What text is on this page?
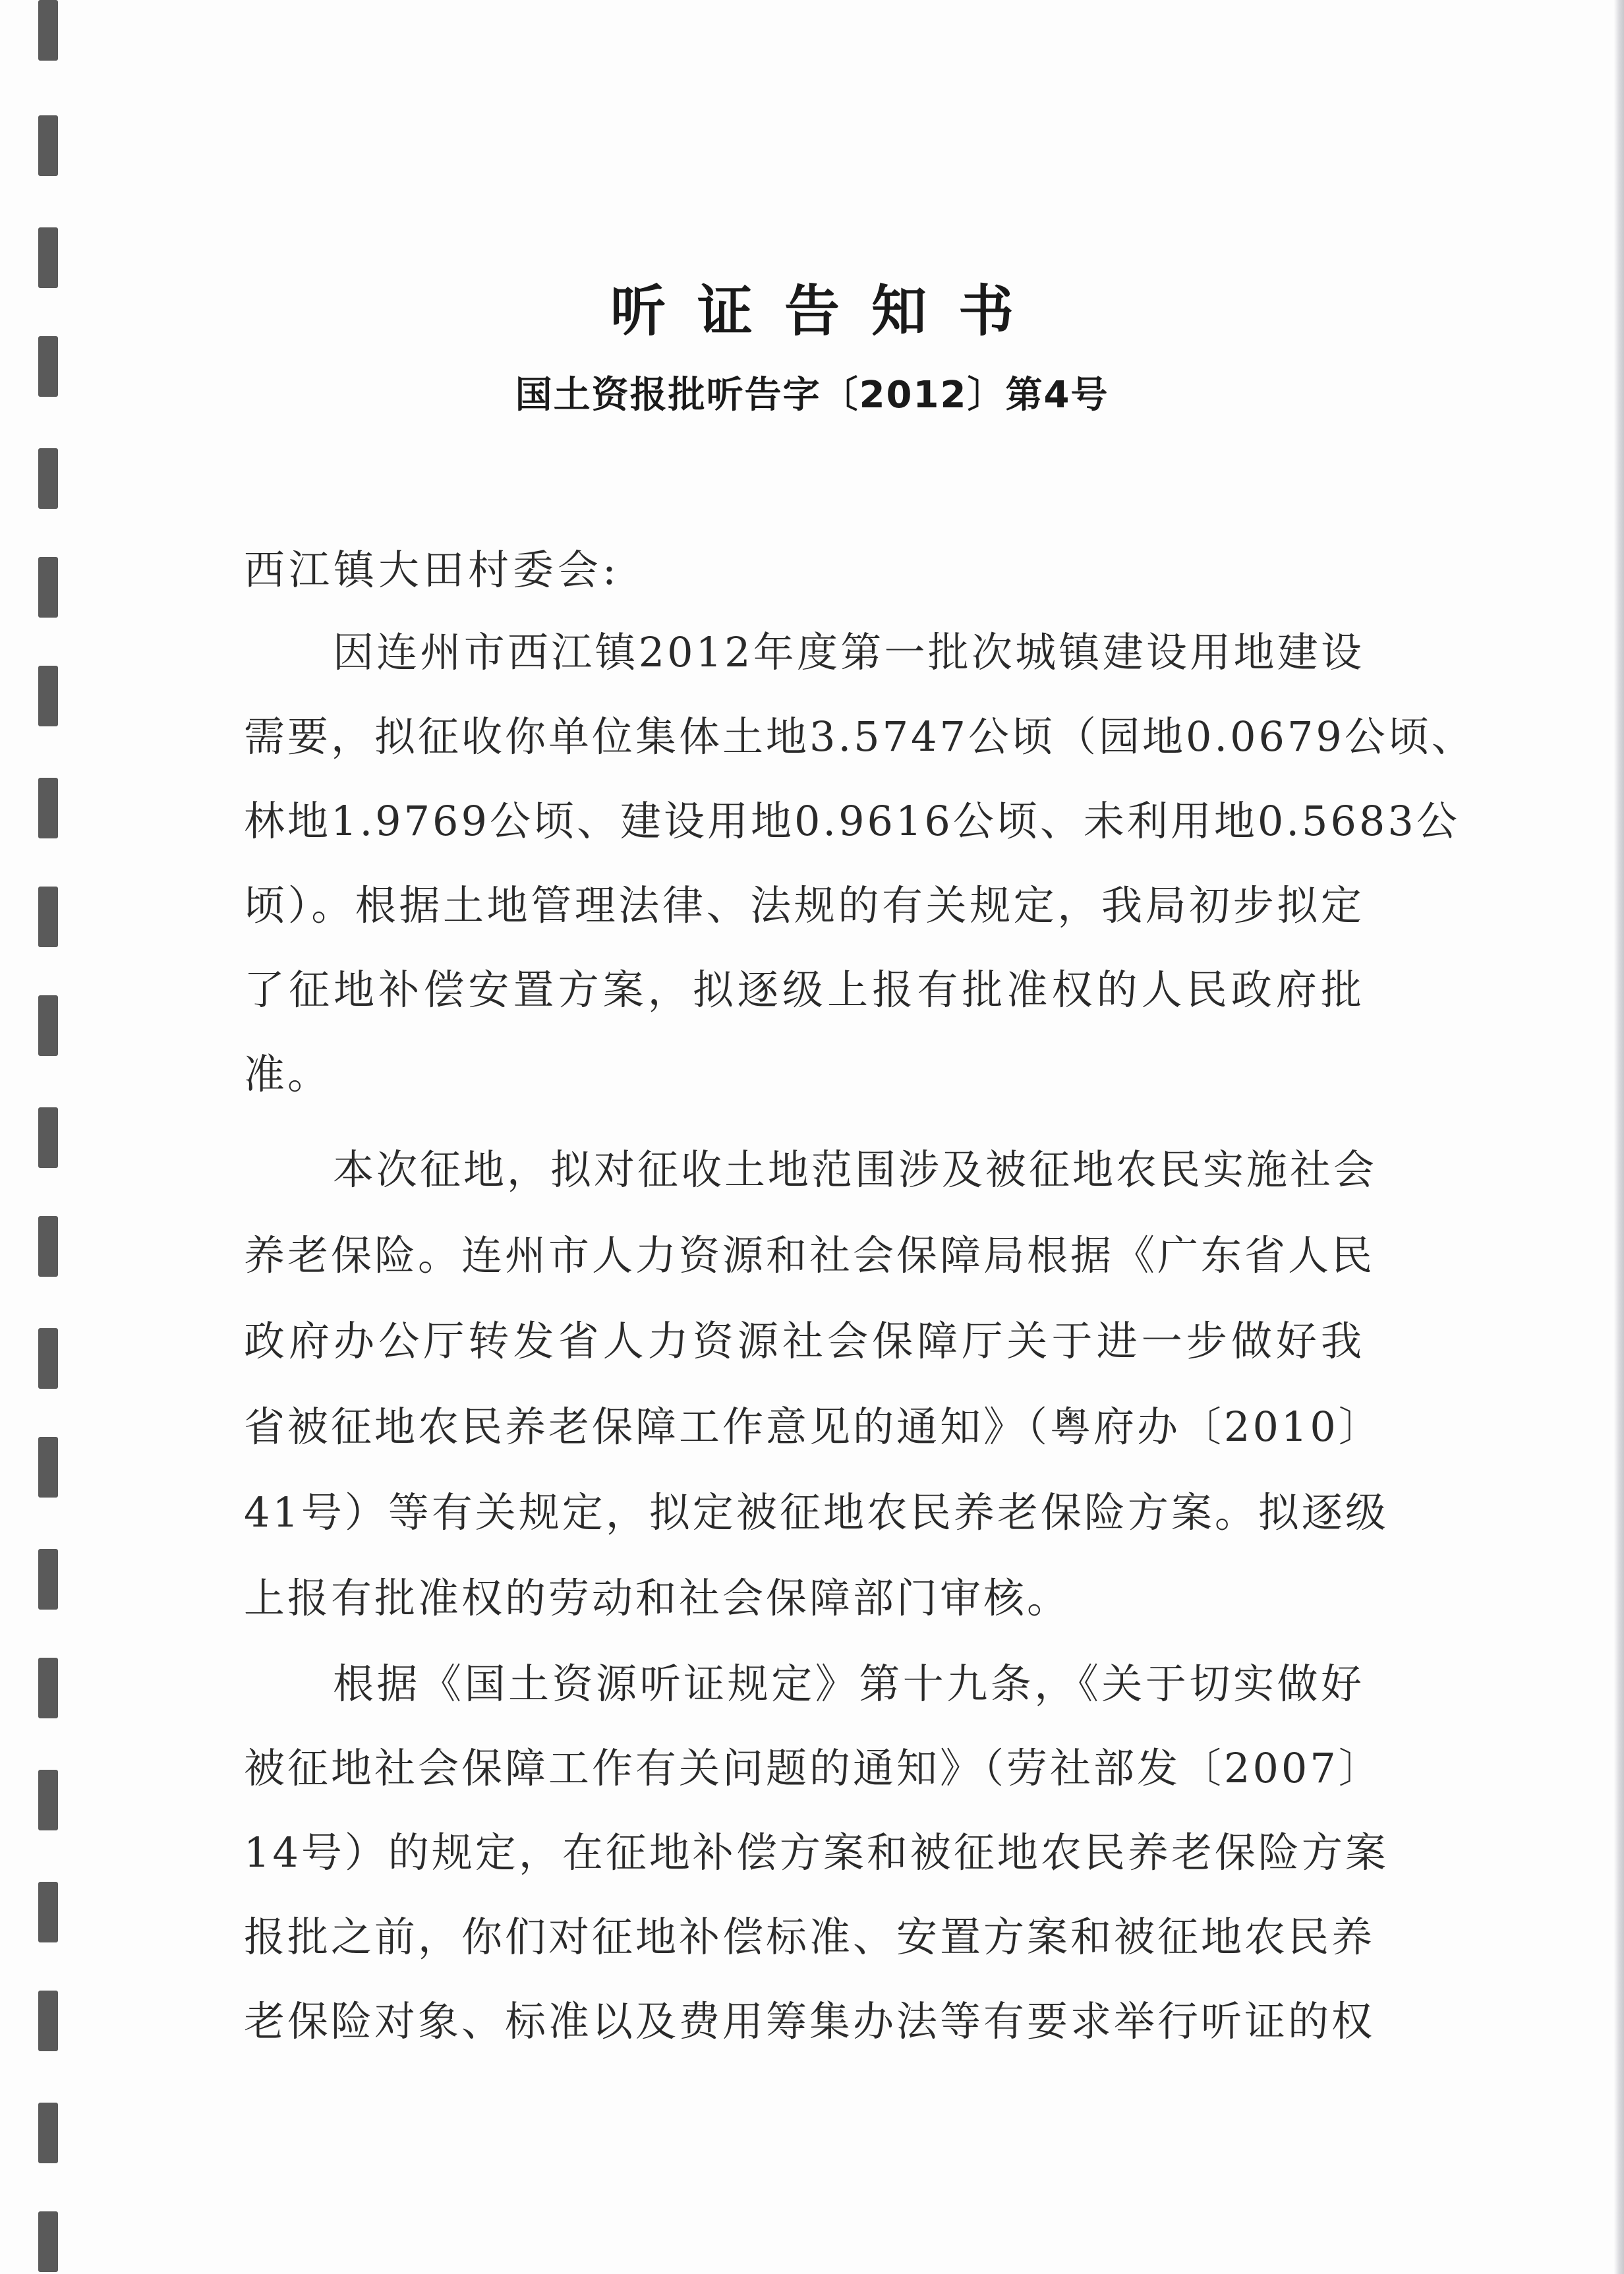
听证告知书
国土资报批听告字〔2012〕第4号
西江镇大田村委会:
因连州市西江镇2012年度第一批次城镇建设用地建设
需要，拟征收你单位集体土地3.5747公顷（园地0.0679公顷、
林地1.9769公顷、建设用地0.9616公顷、未利用地0.5683公
顷）。根据土地管理法律、法规的有关规定，我局初步拟定
了征地补偿安置方案，拟逐级上报有批准权的人民政府批
准。
本次征地，拟对征收土地范围涉及被征地农民实施社会
养老保险。连州市人力资源和社会保障局根据《广东省人民
政府办公厅转发省人力资源社会保障厅关于进一步做好我
省被征地农民养老保障工作意见的通知》（粤府办〔2010〕
41号）等有关规定，拟定被征地农民养老保险方案。拟逐级
上报有批准权的劳动和社会保障部门审核。
根据《国土资源听证规定》第十九条，《关于切实做好
被征地社会保障工作有关问题的通知》（劳社部发〔2007〕
14号）的规定，在征地补偿方案和被征地农民养老保险方案
报批之前，你们对征地补偿标准、安置方案和被征地农民养
老保险对象、标准以及费用筹集办法等有要求举行听证的权
